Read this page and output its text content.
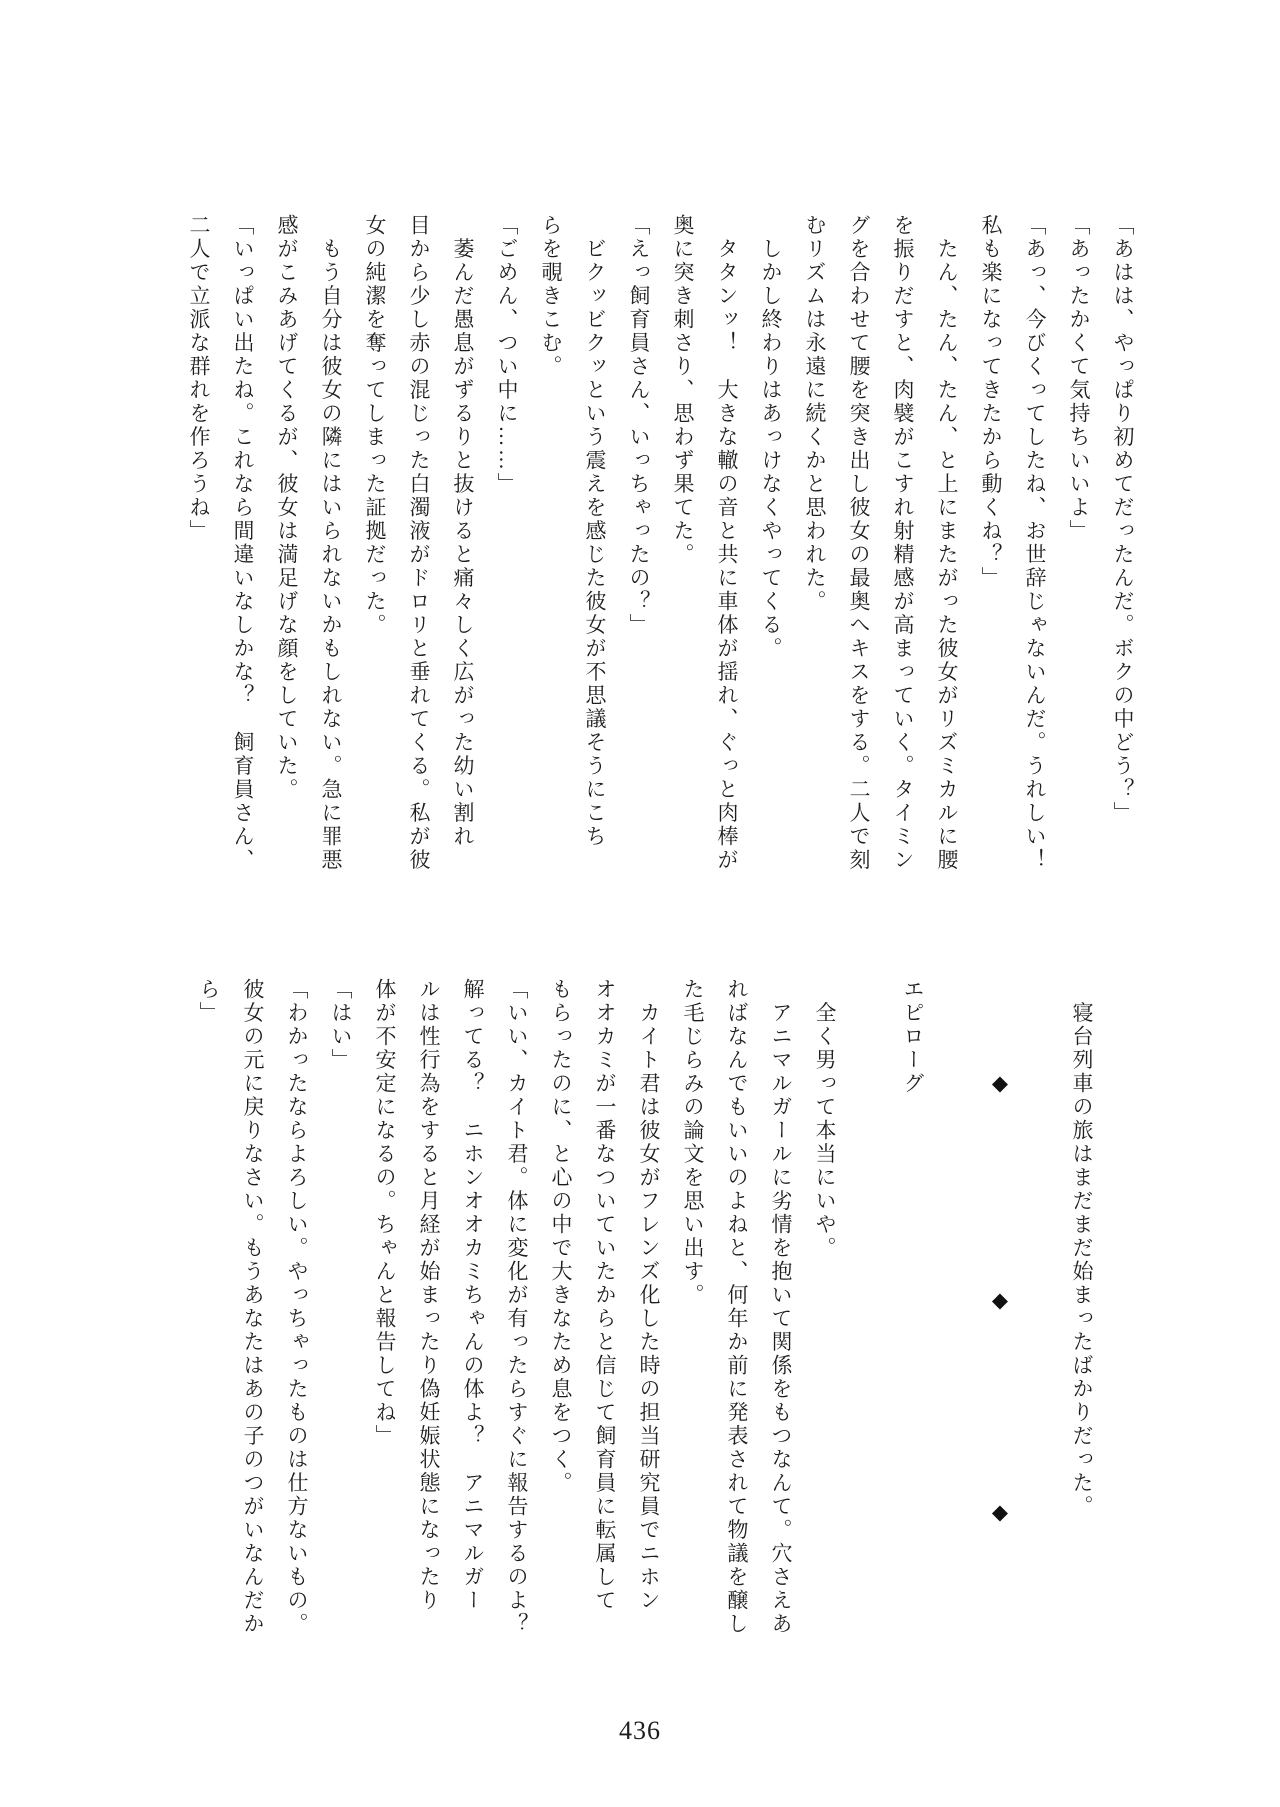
「あはは、やっぱり初めてだったんだ。ボクの中どう？」

「あったかくて気持ちいいよ」

「あっ、今びくってしたね、お世辞じゃないんだ。うれしい！

私も楽になってきたから動くね？」

　たん、たん、たん、と上にまたがった彼女がリズミカルに腰

を振りだすと、肉襞がこすれ射精感が高まっていく。タイミン

グを合わせて腰を突き出し彼女の最奥へキスをする。二人で刻

むリズムは永遠に続くかと思われた。

　しかし終わりはあっけなくやってくる。

　タタンッ！　大きな轍の音と共に車体が揺れ、ぐっと肉棒が

奥に突き刺さり、思わず果てた。

「えっ飼育員さん、いっちゃったの？」

　ビクッビクッという震えを感じた彼女が不思議そうにこち

らを覗きこむ。

「ごめん、つい中に……」

　萎んだ愚息がずるりと抜けると痛々しく広がった幼い割れ

目から少し赤の混じった白濁液がドロリと垂れてくる。私が彼

女の純潔を奪ってしまった証拠だった。

　もう自分は彼女の隣にはいられないかもしれない。急に罪悪

感がこみあげてくるが、彼女は満足げな顔をしていた。

「いっぱい出たね。これなら間違いなしかな？　飼育員さん、

二人で立派な群れを作ろうね」

　寝台列車の旅はまだまだ始まったばかりだった。

◆
◆
◆

エピローグ

　全く男って本当にいや。

　アニマルガールに劣情を抱いて関係をもつなんて。穴さえあ

ればなんでもいいのよねと、何年か前に発表されて物議を醸し

た毛じらみの論文を思い出す。

　カイト君は彼女がフレンズ化した時の担当研究員でニホン

オオカミが一番なついていたからと信じて飼育員に転属して

もらったのに、と心の中で大きなため息をつく。

「いい、カイト君。体に変化が有ったらすぐに報告するのよ？

解ってる？　ニホンオオカミちゃんの体よ？　アニマルガー

ルは性行為をすると月経が始まったり偽妊娠状態になったり

体が不安定になるの。ちゃんと報告してね」

「はい」

「わかったならよろしい。やっちゃったものは仕方ないもの。

彼女の元に戻りなさい。もうあなたはあの子のつがいなんだか

ら」

436
